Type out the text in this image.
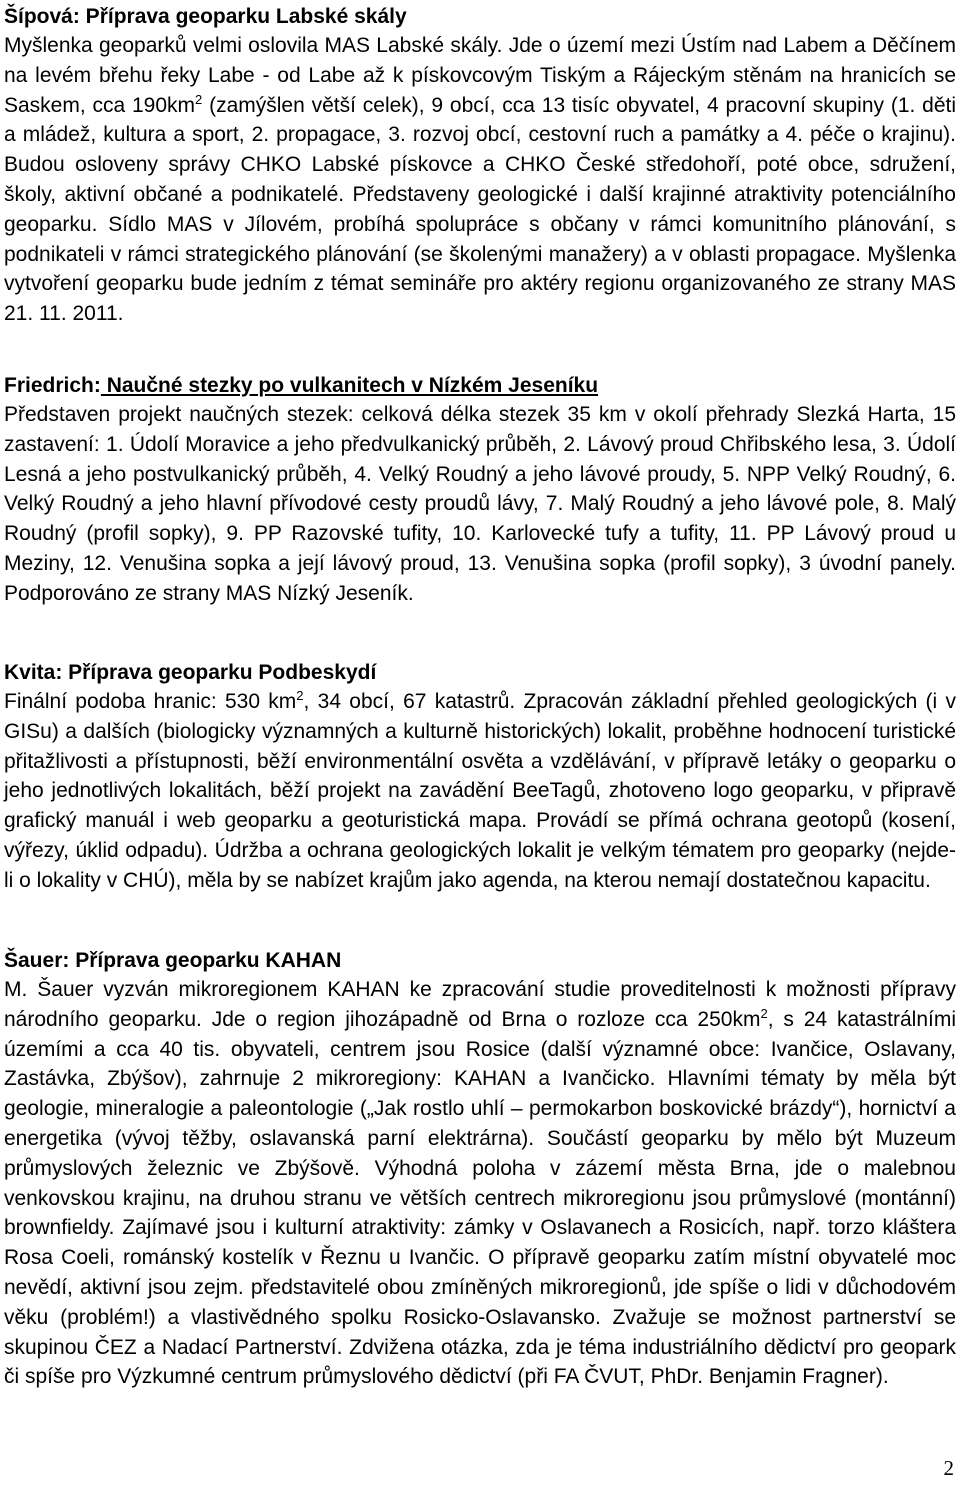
Šípová: Příprava geoparku Labské skály

Myšlenka geoparků velmi oslovila MAS Labské skály. Jde o území mezi Ústím nad Labem a Děčínem na levém břehu řeky Labe - od Labe až k pískovcovým Tiským a Rájeckým stěnám na hranicích se Saskem, cca $190km^2$ (zamýšlen větší celek), 9 obcí, cca 13 tisíc obyvatel, 4 pracovní skupiny (1. děti a mládež, kultura a sport, 2. propagace, 3. rozvoj obcí, cestovní ruch a památky a 4. péče o krajinu). Budou osloveny správy CHKO Labské pískovce a CHKO České středohoří, poté obce, sdružení, školy, aktivní občané a podnikatelé. Představeny geologické i další krajinné atraktivity potenciálního geoparku. Sídlo MAS v Jílovém, probíhá spolupráce s občany v rámci komunitního plánování, s podnikateli v rámci strategického plánování (se školenými manažery) a v oblasti propagace. Myšlenka vytvoření geoparku bude jedním z témat semináře pro aktéry regionu organizovaného ze strany MAS 21. 11. 2011.

Friedrich: Naučné stezky po vulkanitech v Nízkém Jeseníku

Představen projekt naučných stezek: celková délka stezek 35 km v okolí přehrady Slezká Harta, 15 zastavení: 1. Údolí Moravice a jeho předvulkanický průběh, 2. Lávový proud Chřibského lesa, 3. Údolí Lesná a jeho postvulkanický průběh, 4. Velký Roudný a jeho lávové proudy, 5. NPP Velký Roudný, 6. Velký Roudný a jeho hlavní přívodové cesty proudů lávy, 7. Malý Roudný a jeho lávové pole, 8. Malý Roudný (profil sopky), 9. PP Razovské tufity, 10. Karlovecké tufy a tufity, 11. PP Lávový proud u Meziny, 12. Venušina sopka a její lávový proud, 13. Venušina sopka (profil sopky), 3 úvodní panely. Podporováno ze strany MAS Nízký Jeseník.

Kvita: Příprava geoparku Podbeskydí

Finální podoba hranic: 530 $km^2$, 34 obcí, 67 katastrů. Zpracován základní přehled geologických (i v GISu) a dalších (biologicky významných a kulturně historických) lokalit, proběhne hodnocení turistické přitažlivosti a přístupnosti, běží environmentální osvěta a vzdělávání, v přípravě letáky o geoparku o jeho jednotlivých lokalitách, běží projekt na zavádění BeeTagů, zhotoveno logo geoparku, v připravě grafický manuál i web geoparku a geoturistická mapa. Provádí se přímá ochrana geotopů (kosení, výřezy, úklid odpadu). Údržba a ochrana geologických lokalit je velkým tématem pro geoparky (nejde-li o lokality v CHÚ), měla by se nabízet krajům jako agenda, na kterou nemají dostatečnou kapacitu.

Šauer: Příprava geoparku KAHAN

M. Šauer vyzván mikroregionem KAHAN ke zpracování studie proveditelnosti k možnosti přípravy národního geoparku. Jde o region jihozápadně od Brna o rozloze cca $250km^2$, s 24 katastrálními územími a cca 40 tis. obyvateli, centrem jsou Rosice (další významné obce: Ivančice, Oslavany, Zastávka, Zbýšov), zahrnuje 2 mikroregiony: KAHAN a Ivančicko. Hlavními tématy by měla být geologie, mineralogie a paleontologie („Jak rostlo uhlí – permokarbon boskovické brázdy“), hornictví a energetika (vývoj těžby, oslavanská parní elektrárna). Součástí geoparku by mělo být Muzeum průmyslových železnic ve Zbýšově. Výhodná poloha v zázemí města Brna, jde o malebnou venkovskou krajinu, na druhou stranu ve větších centrech mikroregionu jsou průmyslové (montánní) brownfieldy. Zajímavé jsou i kulturní atraktivity: zámky v Oslavanech a Rosicích, např. torzo kláštera Rosa Coeli, románský kostelík v Řeznu u Ivančic. O přípravě geoparku zatím místní obyvatelé moc nevědí, aktivní jsou zejm. představitelé obou zmíněných mikroregionů, jde spíše o lidi v důchodovém věku (problém!) a vlastivědného spolku Rosicko-Oslavansko. Zvažuje se možnost partnerství se skupinou ČEZ a Nadací Partnerství. Zdvižena otázka, zda je téma industriálního dědictví pro geopark či spíše pro Výzkumné centrum průmyslového dědictví (při FA ČVUT, PhDr. Benjamin Fragner).

2
